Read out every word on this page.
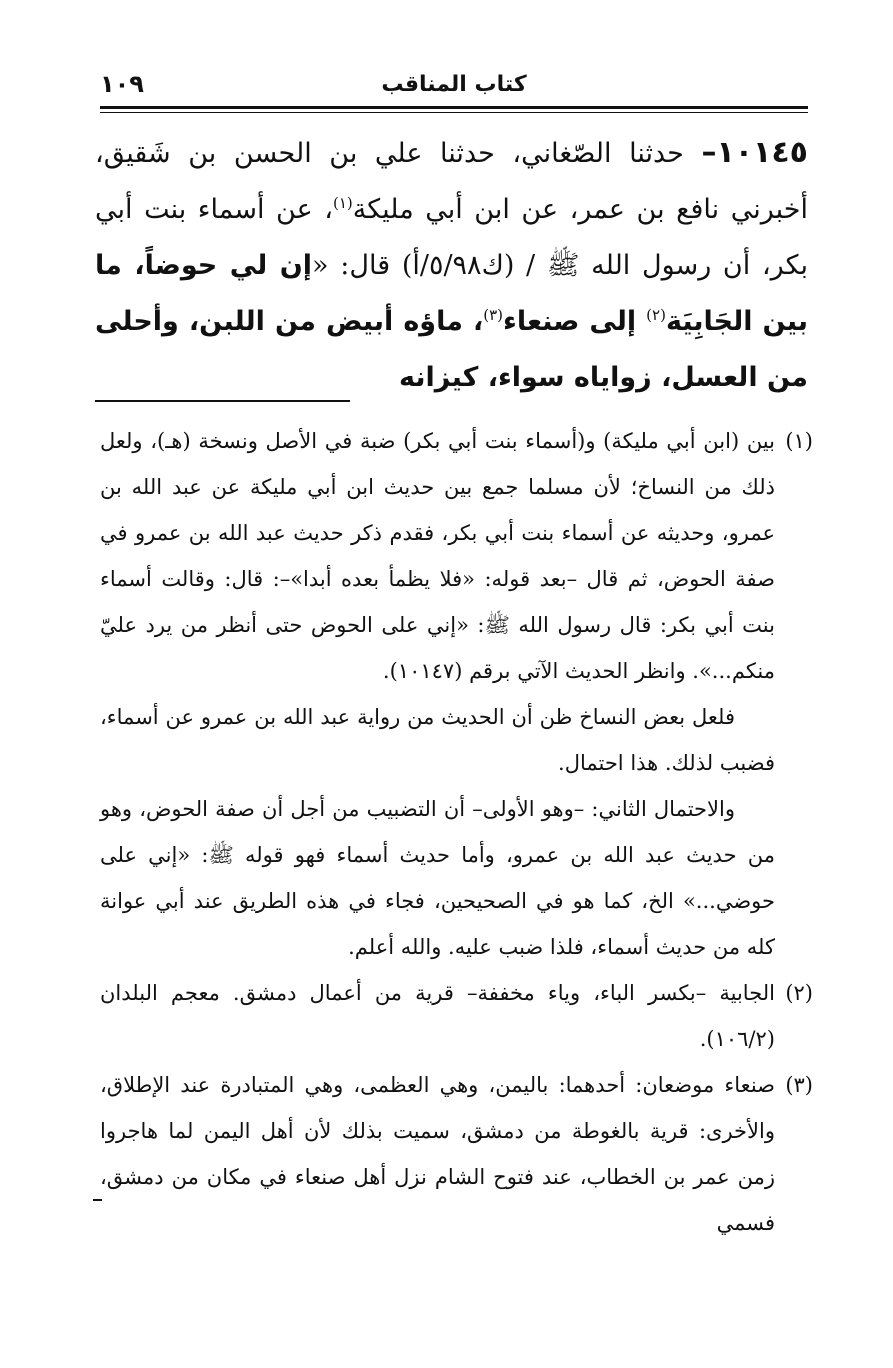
كتاب المناقب
١٠٩
١٠١٤٥– حدثنا الصّغاني، حدثنا علي بن الحسن بن شَقيق، أخبرني نافع بن عمر، عن ابن أبي مليكة$^{(١)}$، عن أسماء بنت أبي بكر، أن رسول الله ﷺ / (ك٥/٩٨/أ) قال: «إن لي حوضاً، ما بين الجَابِيَة$^{(٢)}$ إلى صنعاء$^{(٣)}$، ماؤه أبيض من اللبن، وأحلى من العسل، زواياه سواء، كيزانه

(١)بين (ابن أبي مليكة) و(أسماء بنت أبي بكر) ضبة في الأصل ونسخة (هـ)، ولعل ذلك من النساخ؛ لأن مسلما جمع بين حديث ابن أبي مليكة عن عبد الله بن عمرو، وحديثه عن أسماء بنت أبي بكر، فقدم ذكر حديث عبد الله بن عمرو في صفة الحوض، ثم قال –بعد قوله: «فلا يظمأ بعده أبدا»–: قال: وقالت أسماء بنت أبي بكر: قال رسول الله ﷺ: «إني على الحوض حتى أنظر من يرد عليّ منكم...». وانظر الحديث الآتي برقم (١٠١٤٧).

فلعل بعض النساخ ظن أن الحديث من رواية عبد الله بن عمرو عن أسماء، فضبب لذلك. هذا احتمال.

والاحتمال الثاني: –وهو الأولى– أن التضبيب من أجل أن صفة الحوض، وهو من حديث عبد الله بن عمرو، وأما حديث أسماء فهو قوله ﷺ: «إني على حوضي...» الخ، كما هو في الصحيحين، فجاء في هذه الطريق عند أبي عوانة كله من حديث أسماء، فلذا ضبب عليه. والله أعلم.

(٢)الجابية –بكسر الباء، وياء مخففة– قرية من أعمال دمشق. معجم البلدان (١٠٦/٢).

(٣)صنعاء موضعان: أحدهما: باليمن، وهي العظمى، وهي المتبادرة عند الإطلاق، والأخرى: قرية بالغوطة من دمشق، سميت بذلك لأن أهل اليمن لما هاجروا زمن عمر بن الخطاب، عند فتوح الشام نزل أهل صنعاء في مكان من دمشق، فسمي
